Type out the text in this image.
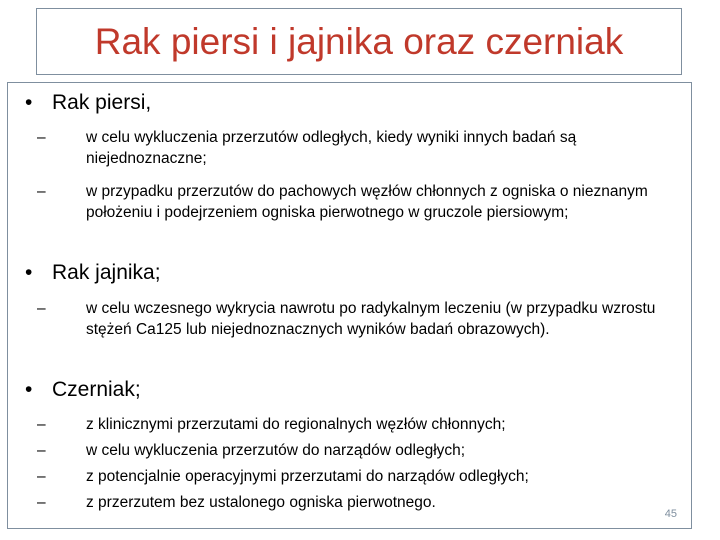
Rak piersi i jajnika oraz czerniak
• Rak piersi,
–	w celu wykluczenia przerzutów odległych, kiedy wyniki innych badań są niejednoznaczne;
–	w przypadku przerzutów do pachowych węzłów chłonnych z ogniska o nieznanym położeniu i podejrzeniem ogniska pierwotnego w gruczole piersiowym;
• Rak jajnika;
–	w celu wczesnego wykrycia nawrotu po radykalnym leczeniu (w przypadku wzrostu stężeń Ca125 lub niejednoznacznych wyników badań obrazowych).
• Czerniak;
–	z klinicznymi przerzutami do regionalnych węzłów chłonnych;
–	w celu wykluczenia przerzutów do narządów odległych;
–	z potencjalnie operacyjnymi przerzutami do narządów odległych;
–	z przerzutem bez ustalonego ogniska pierwotnego.
45
